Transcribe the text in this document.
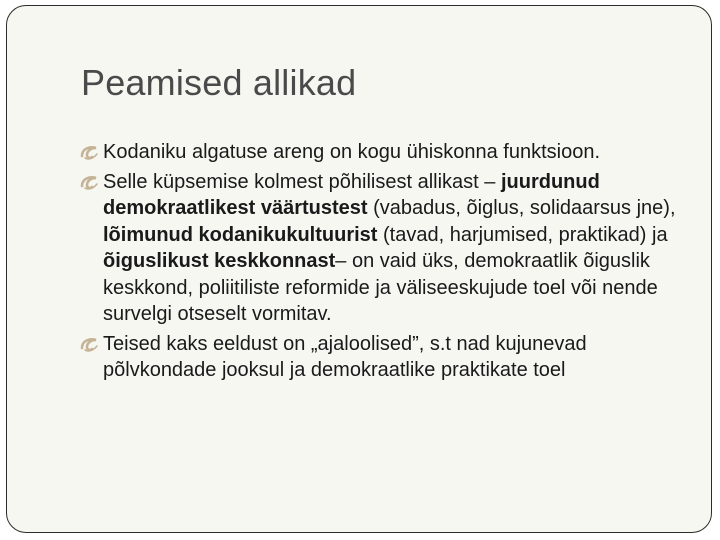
Peamised allikad
Kodaniku algatuse areng on kogu ühiskonna funktsioon.
Selle küpsemise kolmest põhilisest allikast – juurdunud demokraatlikest väärtustest (vabadus, õiglus, solidaarsus jne), lõimunud kodanikukultuurist (tavad, harjumised, praktikad) ja õiguslikust keskkonnast– on vaid üks, demokraatlik õiguslik keskkond, poliitiliste reformide ja väliseeskujude toel või nende survelgi otseselt vormitav.
Teised kaks eeldust on „ajaloolised”, s.t nad kujunevad põlvkondade jooksul ja demokraatlike praktikate toel
